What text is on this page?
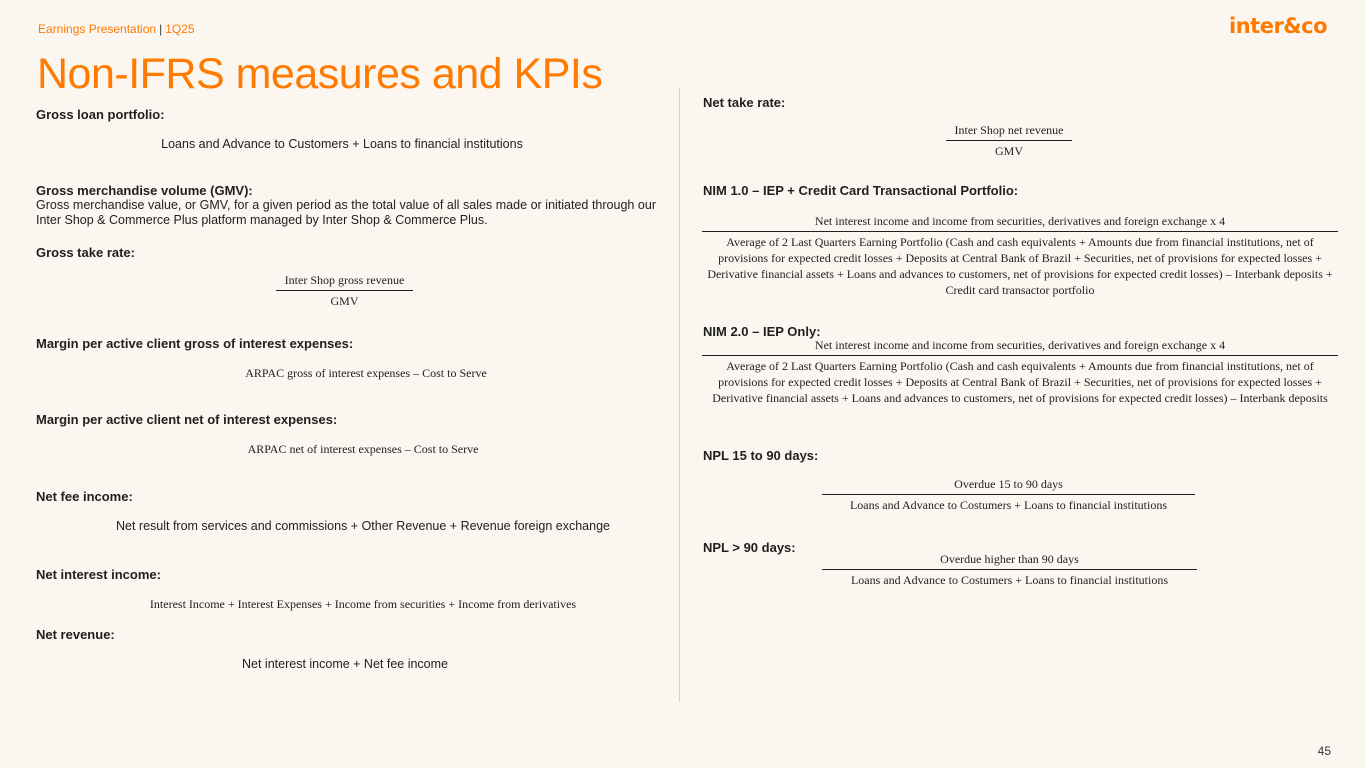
Earnings Presentation | 1Q25	inter&co
Non-IFRS measures and KPIs
Gross loan portfolio:
Loans and Advance to Customers + Loans to financial institutions
Gross merchandise volume (GMV):
Gross merchandise value, or GMV, for a given period as the total value of all sales made or initiated through our Inter Shop & Commerce Plus platform managed by Inter Shop & Commerce Plus.
Gross take rate:
Inter Shop gross revenue
GMV
Margin per active client gross of interest expenses:
ARPAC gross of interest expenses – Cost to Serve
Margin per active client net of interest expenses:
ARPAC net of interest expenses – Cost to Serve
Net fee income:
Net result from services and commissions + Other Revenue + Revenue foreign exchange
Net interest income:
Interest Income + Interest Expenses + Income from securities + Income from derivatives
Net revenue:
Net interest income + Net fee income
Net take rate:
Inter Shop net revenue
GMV
NIM 1.0 – IEP + Credit Card Transactional Portfolio:
Net interest income and income from securities, derivatives and foreign exchange x 4
Average of 2 Last Quarters Earning Portfolio (Cash and cash equivalents + Amounts due from financial institutions, net of provisions for expected credit losses + Deposits at Central Bank of Brazil + Securities, net of provisions for expected losses + Derivative financial assets + Loans and advances to customers, net of provisions for expected credit losses) – Interbank deposits + Credit card transactor portfolio
NIM 2.0 – IEP Only:
Net interest income and income from securities, derivatives and foreign exchange x 4
Average of 2 Last Quarters Earning Portfolio (Cash and cash equivalents + Amounts due from financial institutions, net of provisions for expected credit losses + Deposits at Central Bank of Brazil + Securities, net of provisions for expected losses + Derivative financial assets + Loans and advances to customers, net of provisions for expected credit losses) – Interbank deposits
NPL 15 to 90 days:
Overdue 15 to 90 days
Loans and Advance to Costumers + Loans to financial institutions
NPL > 90 days:
Overdue higher than 90 days
Loans and Advance to Costumers + Loans to financial institutions
45
